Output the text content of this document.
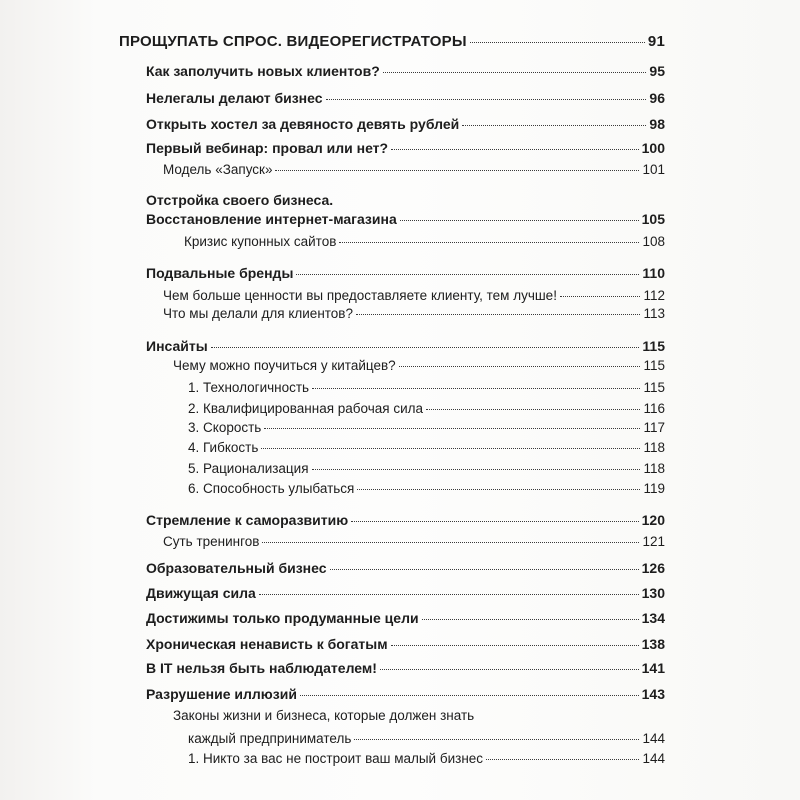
ПРОЩУПАТЬ СПРОС. ВИДЕОРЕГИСТРАТОРЫ	91
Как заполучить новых клиентов?	95
Нелегалы делают бизнес	96
Открыть хостел за девяносто девять рублей	98
Первый вебинар: провал или нет?	100
Модель «Запуск»	101
Отстройка своего бизнеса.
Восстановление интернет-магазина	105
Кризис купонных сайтов	108
Подвальные бренды	110
Чем больше ценности вы предоставляете клиенту, тем лучше!	112
Что мы делали для клиентов?	113
Инсайты	115
Чему можно поучиться у китайцев?	115
1. Технологичность	115
2. Квалифицированная рабочая сила	116
3. Скорость	117
4. Гибкость	118
5. Рационализация	118
6. Способность улыбаться	119
Стремление к саморазвитию	120
Суть тренингов	121
Образовательный бизнес	126
Движущая сила	130
Достижимы только продуманные цели	134
Хроническая ненависть к богатым	138
В IT нельзя быть наблюдателем!	141
Разрушение иллюзий	143
Законы жизни и бизнеса, которые должен знать
каждый предприниматель	144
1. Никто за вас не построит ваш малый бизнес	144
